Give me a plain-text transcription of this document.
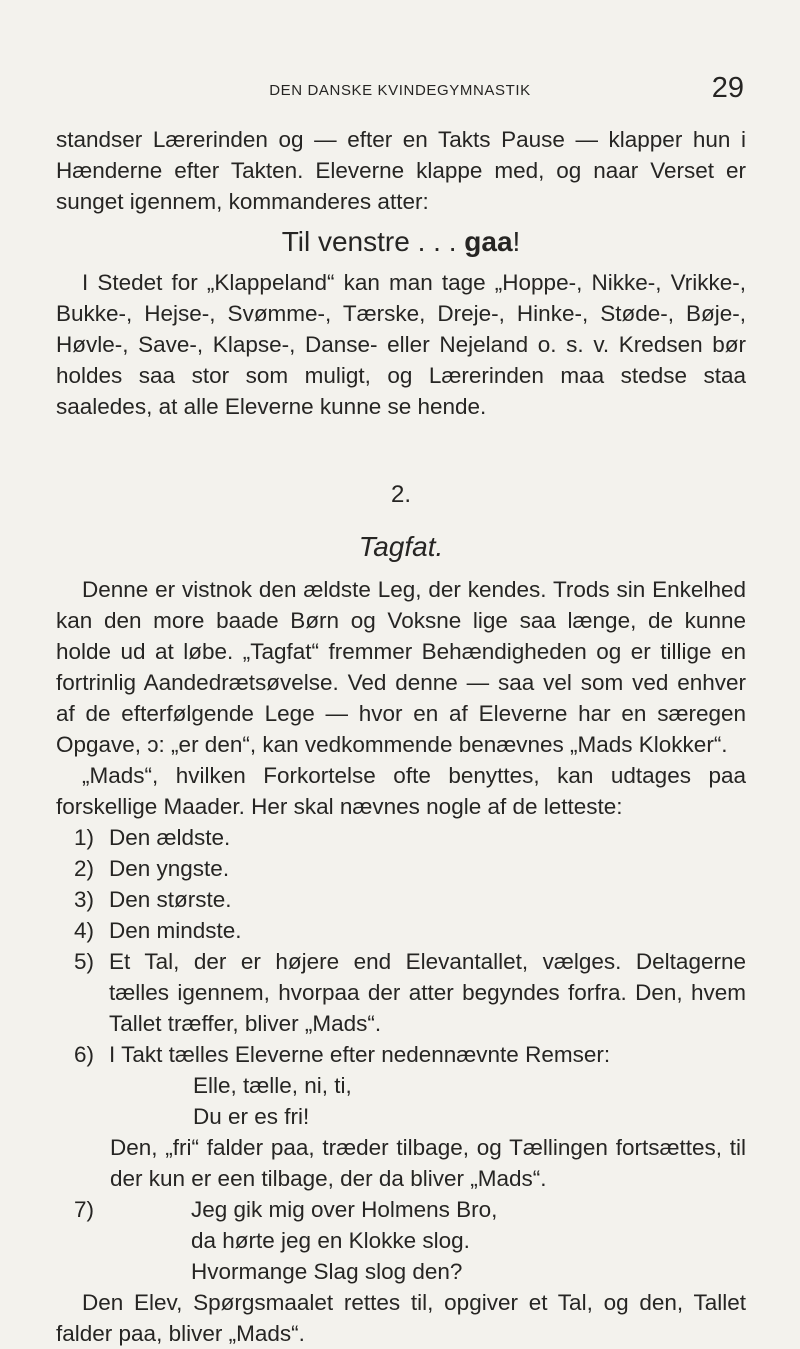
DEN DANSKE KVINDEGYMNASTIK	29

standser Lærerinden og — efter en Takts Pause — klapper hun i Hænderne efter Takten. Eleverne klappe med, og naar Verset er sunget igennem, kommanderes atter:

Til venstre . . . gaa!

I Stedet for „Klappeland“ kan man tage „Hoppe-, Nikke-, Vrikke-, Bukke-, Hejse-, Svømme-, Tærske, Dreje-, Hinke-, Støde-, Bøje-, Høvle-, Save-, Klapse-, Danse- eller Nejeland o. s. v. Kredsen bør holdes saa stor som muligt, og Lærerinden maa stedse staa saaledes, at alle Eleverne kunne se hende.

2.
Tagfat.

Denne er vistnok den ældste Leg, der kendes. Trods sin Enkelhed kan den more baade Børn og Voksne lige saa længe, de kunne holde ud at løbe. „Tagfat“ fremmer Behændigheden og er tillige en fortrinlig Aandedrætsøvelse. Ved denne — saa vel som ved enhver af de efterfølgende Lege — hvor en af Eleverne har en særegen Opgave, ɔ: „er den“, kan vedkommende benævnes „Mads Klokker“.

„Mads“, hvilken Forkortelse ofte benyttes, kan udtages paa forskellige Maader. Her skal nævnes nogle af de letteste:

1) Den ældste.
2) Den yngste.
3) Den største.
4) Den mindste.
5) Et Tal, der er højere end Elevantallet, vælges. Deltagerne tælles igennem, hvorpaa der atter begyndes forfra. Den, hvem Tallet træffer, bliver „Mads“.
6) I Takt tælles Eleverne efter nedennævnte Remser:
Elle, tælle, ni, ti,
Du er es fri!

Den, „fri“ falder paa, træder tilbage, og Tællingen fortsættes, til der kun er een tilbage, der da bliver „Mads“.

7)	Jeg gik mig over Holmens Bro,
da hørte jeg en Klokke slog.
Hvormange Slag slog den?

Den Elev, Spørgsmaalet rettes til, opgiver et Tal, og den, Tallet falder paa, bliver „Mads“.
